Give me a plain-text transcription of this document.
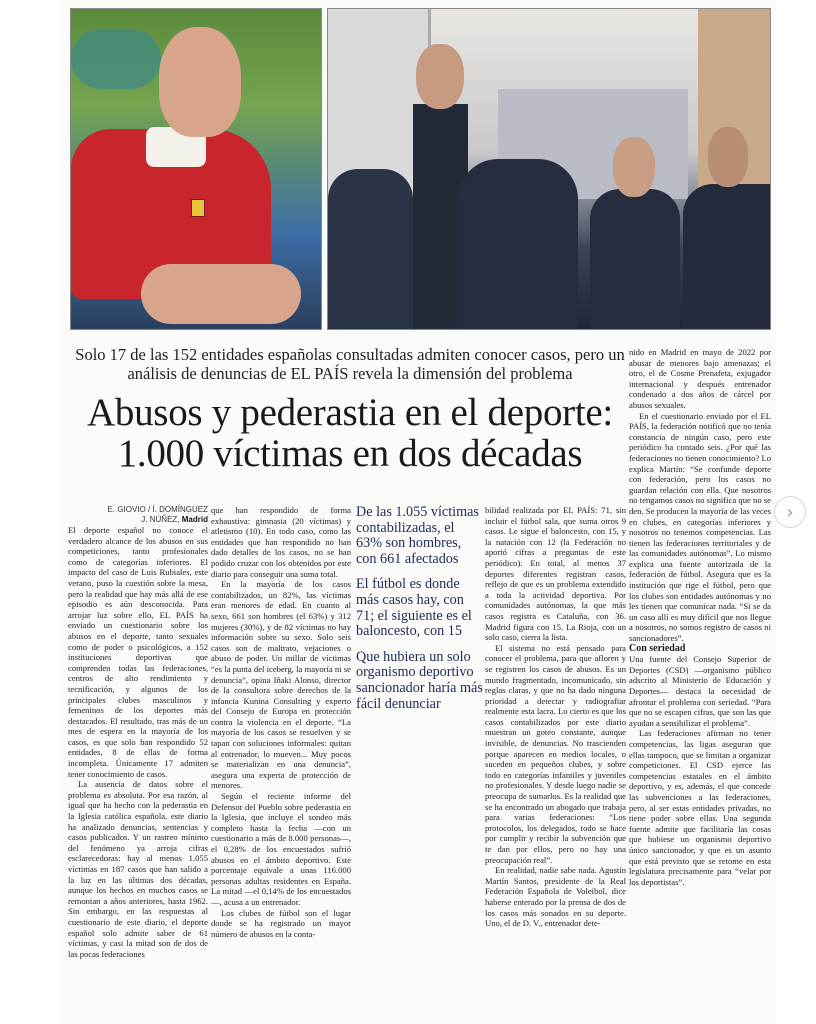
Solo 17 de las 152 entidades españolas consultadas admiten conocer casos, pero un análisis de denuncias de EL PAÍS revela la dimensión del problema
Abusos y pederastia en el deporte:
1.000 víctimas en dos décadas
E. GIOVIO / Í. DOMÍNGUEZ
J. NÚÑEZ, Madrid

El deporte español no conoce el verdadero alcance de los abusos en sus competiciones, tanto profesionales como de categorías inferiores. El impacto del caso de Luis Rubiales, este verano, puso la cuestión sobre la mesa, pero la realidad que hay más allá de ese episodio es aún desconocida. Para arrojar luz sobre ello, EL PAÍS ha enviado un cuestionario sobre los abusos en el deporte, tanto sexuales como de poder o psicológicos, a 152 instituciones deportivas que comprenden todas las federaciones, centros de alto rendimiento y tecnificación, y algunos de los principales clubes masculinos y femeninos de los deportes más destacados. El resultado, tras más de un mes de espera en la mayoría de los casos, es que solo han respondido 52 entidades, 8 de ellas de forma incompleta. Únicamente 17 admiten tener conocimiento de casos.

La ausencia de datos sobre el problema es absoluta. Por esa razón, al igual que ha hecho con la pederastia en la Iglesia católica española, este diario ha analizado denuncias, sentencias y casos publicados. Y un rastreo mínimo del fenómeno ya arroja cifras esclarecedoras: hay al menos 1.055 víctimas en 187 casos que han salido a la luz en las últimas dos décadas, aunque los hechos en muchos casos se remontan a años anteriores, hasta 1962. Sin embargo, en las respuestas al cuestionario de este diario, el deporte español solo admite saber de 61 víctimas, y casi la mitad son de dos de las pocas federaciones

que han respondido de forma exhaustiva: gimnasia (20 víctimas) y atletismo (10). En todo caso, como las entidades que han respondido no han dado detalles de los casos, no se han podido cruzar con los obtenidos por este diario para conseguir una suma total.

En la mayoría de los casos contabilizados, un 82%, las víctimas eran menores de edad. En cuanto al sexo, 661 son hombres (el 63%) y 312 mujeres (30%), y de 82 víctimas no hay información sobre su sexo. Solo seis casos son de maltrato, vejaciones o abuso de poder. Un millar de víctimas “es la punta del iceberg, la mayoría ni se denuncia”, opina Iñaki Alonso, director de la consultora sobre derechos de la infancia Kunina Consulting y experto del Consejo de Europa en protección contra la violencia en el deporte. “La mayoría de los casos se resuelven y se tapan con soluciones informales: quitan al entrenador, lo mueven... Muy pocos se materializan en una denuncia”, asegura una experta de protección de menores.

Según el reciente informe del Defensor del Pueblo sobre pederastia en la Iglesia, que incluye el sondeo más completo hasta la fecha —con un cuestionario a más de 8.000 personas—, el 0,28% de los encuestados sufrió abusos en el ámbito deportivo. Este porcentaje equivale a unas 116.000 personas adultas residentes en España. La mitad —el 0,14% de los encuestados—, acusa a un entrenador.

Los clubes de fútbol son el lugar donde se ha registrado un mayor número de abusos en la conta-

De las 1.055 víctimas contabilizadas, el 63% son hombres, con 661 afectados
El fútbol es donde más casos hay, con 71; el siguiente es el baloncesto, con 15
Que hubiera un solo organismo deportivo sancionador haría más fácil denunciar

bilidad realizada por EL PAÍS: 71, sin incluir el fútbol sala, que suma otros 9 casos. Le sigue el baloncesto, con 15, y la natación con 12 (la Federación no aportó cifras a preguntas de este periódico). En total, al menos 37 deportes diferentes registran casos, reflejo de que es un problema extendido a toda la actividad deportiva. Por comunidades autónomas, la que más casos registra es Cataluña, con 36. Madrid figura con 15. La Rioja, con un solo caso, cierra la lista.

El sistema no está pensado para conocer el problema, para que afloren y se registren los casos de abusos. Es un mundo fragmentado, incomunicado, sin reglas claras, y que no ha dado ninguna prioridad a detectar y radiografiar realmente esta lacra. Lo cierto es que los casos contabilizados por este diario muestran un goteo constante, aunque invisible, de denuncias. No trascienden porque aparecen en medios locales, o suceden en pequeños clubes, y sobre todo en categorías infantiles y juveniles no profesionales. Y desde luego nadie se preocupa de sumarlos. Es la realidad que se ha encontrado un abogado que trabaja para varias federaciones: “Los protocolos, los delegados, todo se hace por cumplir y recibir la subvención que te dan por ellos, pero no hay una preocupación real”.

En realidad, nadie sabe nada. Agustín Martín Santos, presidente de la Real Federación Española de Voleibol, dice haberse enterado por la prensa de dos de los casos más sonados en su deporte. Uno, el de D. V., entrenador dete-

nido en Madrid en mayo de 2022 por abusar de menores bajo amenazas; el otro, el de Cosme Prenafeta, exjugador internacional y después entrenador condenado a dos años de cárcel por abusos sexuales.

En el cuestionario enviado por el EL PAÍS, la federación notificó que no tenía constancia de ningún caso, pero este periódico ha contado seis. ¿Por qué las federaciones no tienen conocimiento? Lo explica Martín: “Se confunde deporte con federación, pero los casos no guardan relación con ella. Que nosotros no tengamos casos no significa que no se den. Se producen la mayoría de las veces en clubes, en categorías inferiores y nosotros no tenemos competencias. Las tienen las federaciones territoriales y de las comunidades autónomas”. Lo mismo explica una fuente autorizada de la federación de fútbol. Asegura que es la institución que rige el fútbol, pero que los clubes son entidades autónomas y no les tienen que comunicar nada. “Si se da un caso allí es muy difícil que nos llegue a nosotros, no somos registro de casos ni sancionadores”.

Con seriedad

Una fuente del Consejo Superior de Deportes (CSD) —organismo público adscrito al Ministerio de Educación y Deportes— destaca la necesidad de afrontar el problema con seriedad. “Para que no se escapen cifras, que son las que ayudan a sensibilizar el problema”.

Las federaciones afirman no tener competencias, las ligas aseguran que ellas tampoco, que se limitan a organizar competiciones. El CSD ejerce las competencias estatales en el ámbito deportivo, y es, además, el que concede las subvenciones a las federaciones, pero, al ser estas entidades privadas, no tiene poder sobre ellas. Una segunda fuente admite que facilitaría las cosas que hubiese un organismo deportivo único sancionador, y que es un asunto que está previsto que se retome en esta legislatura precisamente para “velar por los deportistas”.

›
